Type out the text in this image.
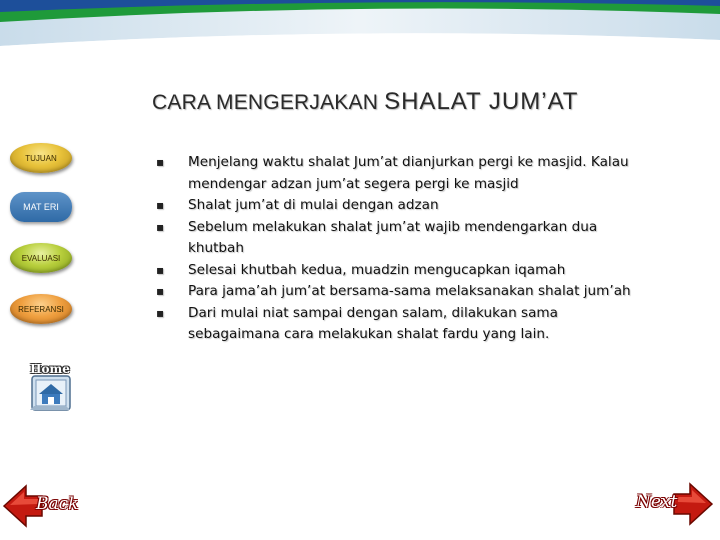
CARA MENGERJAKAN SHALAT JUM’AT
TUJUAN
MAT ERI
EVALUASI
REFERANSI
Home
▪ Menjelang waktu shalat Jum’at dianjurkan pergi ke masjid. Kalau mendengar adzan jum’at segera pergi ke masjid
▪ Shalat jum’at di mulai dengan adzan
▪ Sebelum melakukan shalat jum’at wajib mendengarkan dua khutbah
▪ Selesai khutbah kedua, muadzin mengucapkan iqamah
▪ Para jama’ah jum’at bersama-sama melaksanakan shalat jum’ah
▪ Dari mulai niat sampai dengan salam, dilakukan sama sebagaimana cara melakukan shalat fardu yang lain.
Back	Next
